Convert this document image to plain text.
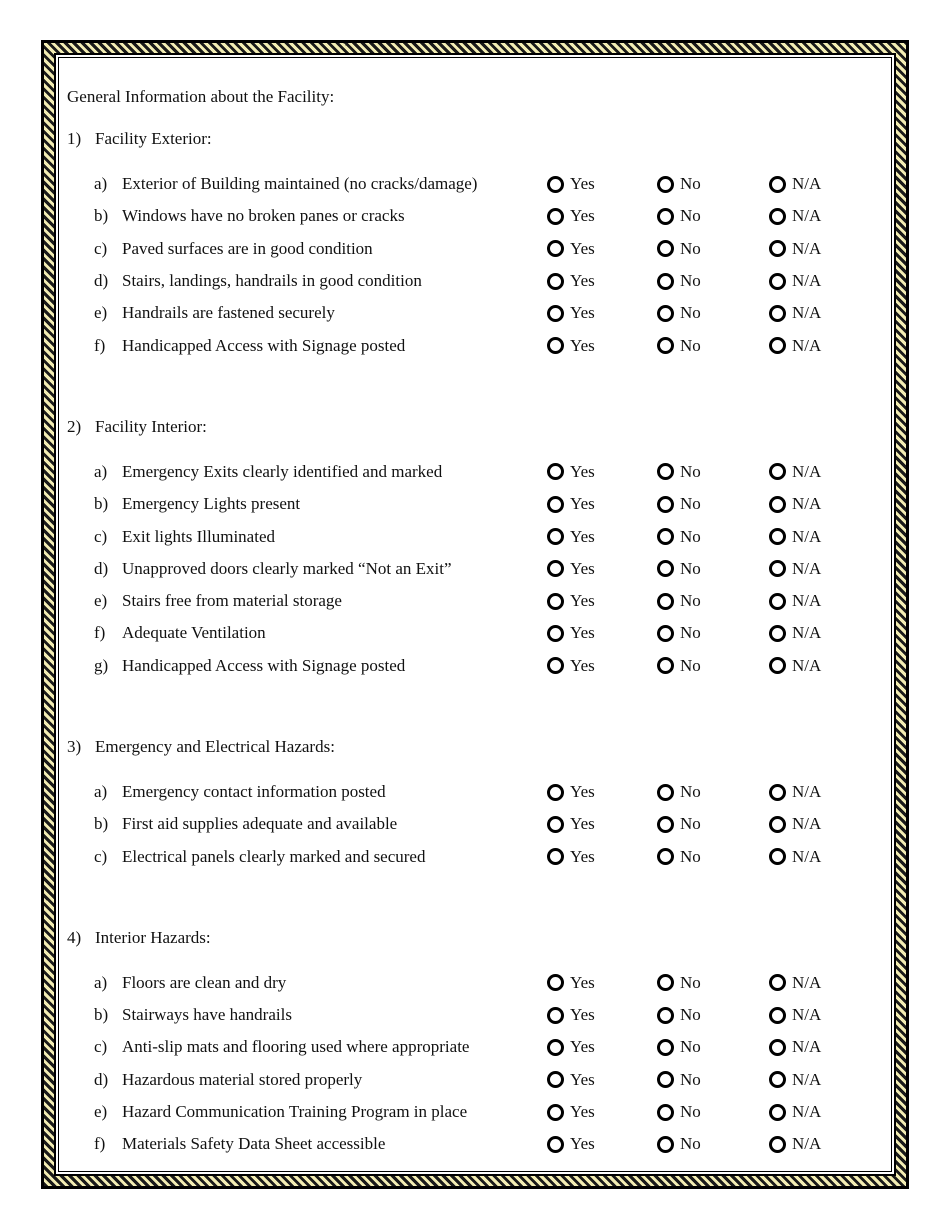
General Information about the Facility:
1) Facility Exterior:
a) Exterior of Building maintained (no cracks/damage)	Yes	No	N/A
b) Windows have no broken panes or cracks	Yes	No	N/A
c) Paved surfaces are in good condition	Yes	No	N/A
d) Stairs, landings, handrails in good condition	Yes	No	N/A
e) Handrails are fastened securely	Yes	No	N/A
f) Handicapped Access with Signage posted	Yes	No	N/A
2) Facility Interior:
a) Emergency Exits clearly identified and marked	Yes	No	N/A
b) Emergency Lights present	Yes	No	N/A
c) Exit lights Illuminated	Yes	No	N/A
d) Unapproved doors clearly marked “Not an Exit”	Yes	No	N/A
e) Stairs free from material storage	Yes	No	N/A
f) Adequate Ventilation	Yes	No	N/A
g) Handicapped Access with Signage posted	Yes	No	N/A
3) Emergency and Electrical Hazards:
a) Emergency contact information posted	Yes	No	N/A
b) First aid supplies adequate and available	Yes	No	N/A
c) Electrical panels clearly marked and secured	Yes	No	N/A
4) Interior Hazards:
a) Floors are clean and dry	Yes	No	N/A
b) Stairways have handrails	Yes	No	N/A
c) Anti-slip mats and flooring used where appropriate	Yes	No	N/A
d) Hazardous material stored properly	Yes	No	N/A
e) Hazard Communication Training Program in place	Yes	No	N/A
f) Materials Safety Data Sheet accessible	Yes	No	N/A
